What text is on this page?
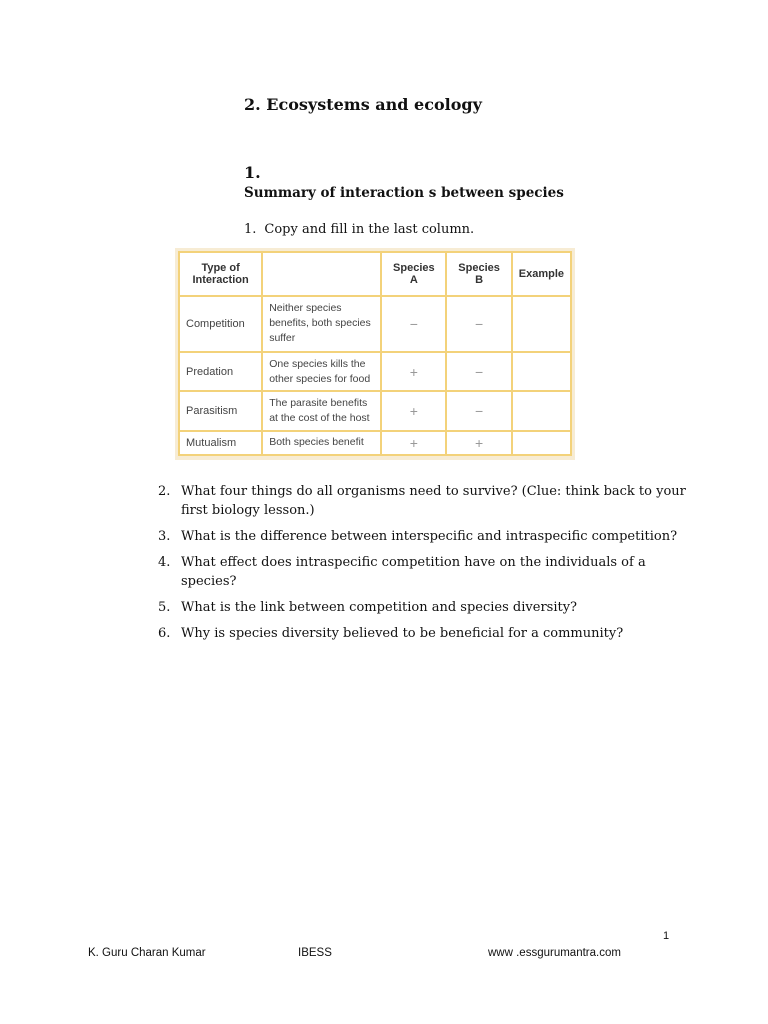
2. Ecosystems and ecology
1.
Summary of interaction s between species
1. Copy and fill in the last column.
Type of Interaction		Species A	Species B	Example
Competition	Neither species benefits, both species suffer	−	−	
Predation	One species kills the other species for food	+	−	
Parasitism	The parasite benefits at the cost of the host	+	−	
Mutualism	Both species benefit	+	+	
2. What four things do all organisms need to survive? (Clue: think back to your first biology lesson.)
3. What is the difference between interspecific and intraspecific competition?
4. What effect does intraspecific competition have on the individuals of a species?
5. What is the link between competition and species diversity?
6. Why is species diversity believed to be beneficial for a community?
1
K. Guru Charan Kumar	IBESS	www .essgurumantra.com
